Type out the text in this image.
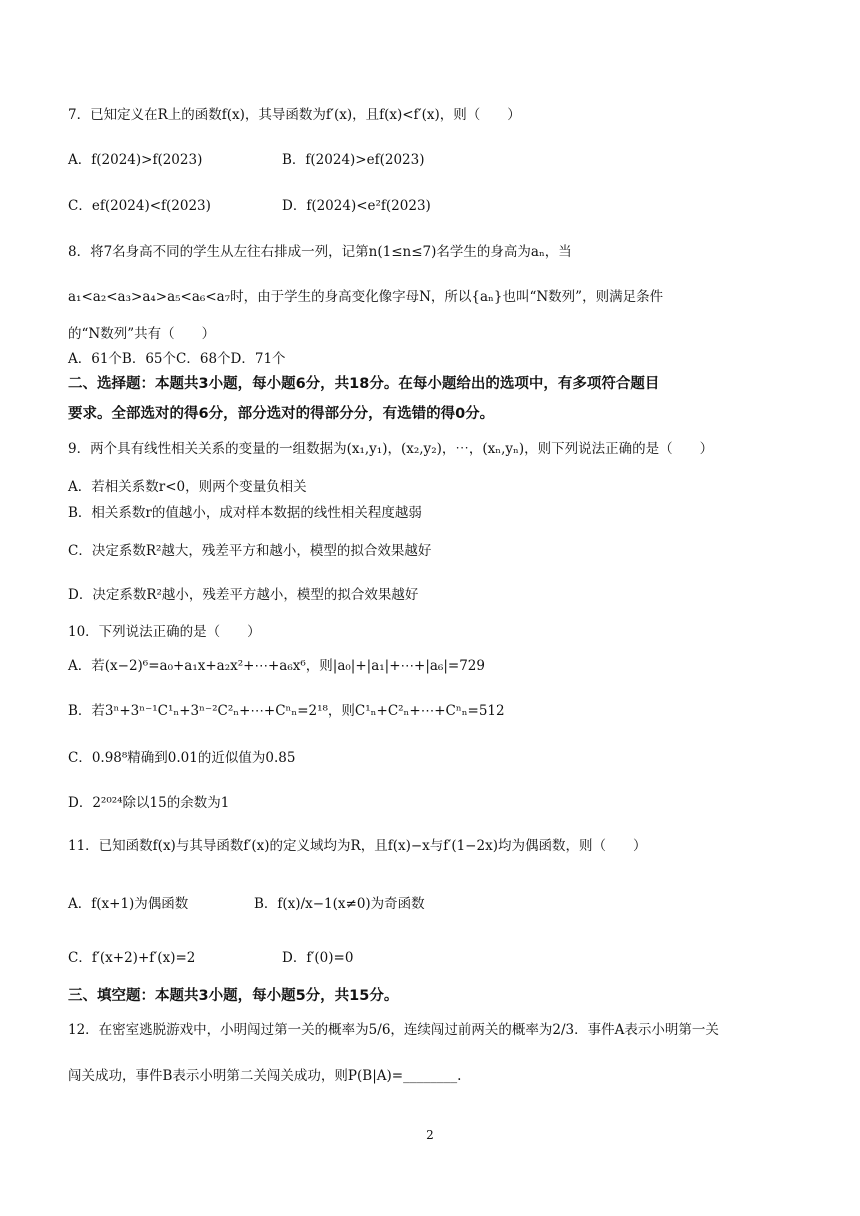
7．已知定义在R上的函数f(x)，其导函数为f′(x)，且f(x)<f′(x)，则（　　）
A．f(2024)>f(2023)	B．f(2024)>ef(2023)
C．ef(2024)<f(2023)	D．f(2024)<e²f(2023)
8．将7名身高不同的学生从左往右排成一列，记第n(1≤n≤7)名学生的身高为aₙ，当
a₁<a₂<a₃>a₄>a₅<a₆<a₇时，由于学生的身高变化像字母N，所以{aₙ}也叫“N数列”，则满足条件
的“N数列”共有（　　）
A．61个B．65个C．68个D．71个
二、选择题：本题共3小题，每小题6分，共18分。在每小题给出的选项中，有多项符合题目
要求。全部选对的得6分，部分选对的得部分分，有选错的得0分。
9．两个具有线性相关关系的变量的一组数据为(x₁,y₁)，(x₂,y₂)，⋯，(xₙ,yₙ)，则下列说法正确的是（　　）
A．若相关系数r<0，则两个变量负相关
B．相关系数r的值越小，成对样本数据的线性相关程度越弱
C．决定系数R²越大，残差平方和越小，模型的拟合效果越好
D．决定系数R²越小，残差平方越小，模型的拟合效果越好
10．下列说法正确的是（　　）
A．若(x−2)⁶=a₀+a₁x+a₂x²+⋯+a₆x⁶，则|a₀|+|a₁|+⋯+|a₆|=729
B．若3ⁿ+3ⁿ⁻¹C¹ₙ+3ⁿ⁻²C²ₙ+⋯+Cⁿₙ=2¹⁸，则C¹ₙ+C²ₙ+⋯+Cⁿₙ=512
C．0.98⁸精确到0.01的近似值为0.85
D．2²⁰²⁴除以15的余数为1
11．已知函数f(x)与其导函数f′(x)的定义域均为R，且f(x)−x与f′(1−2x)均为偶函数，则（　　）
A．f(x+1)为偶函数	B．f(x)/x−1(x≠0)为奇函数
C．f′(x+2)+f′(x)=2	D．f′(0)=0
三、填空题：本题共3小题，每小题5分，共15分。
12．在密室逃脱游戏中，小明闯过第一关的概率为5/6，连续闯过前两关的概率为2/3．事件A表示小明第一关
闯关成功，事件B表示小明第二关闯关成功，则P(B|A)=________.
2
